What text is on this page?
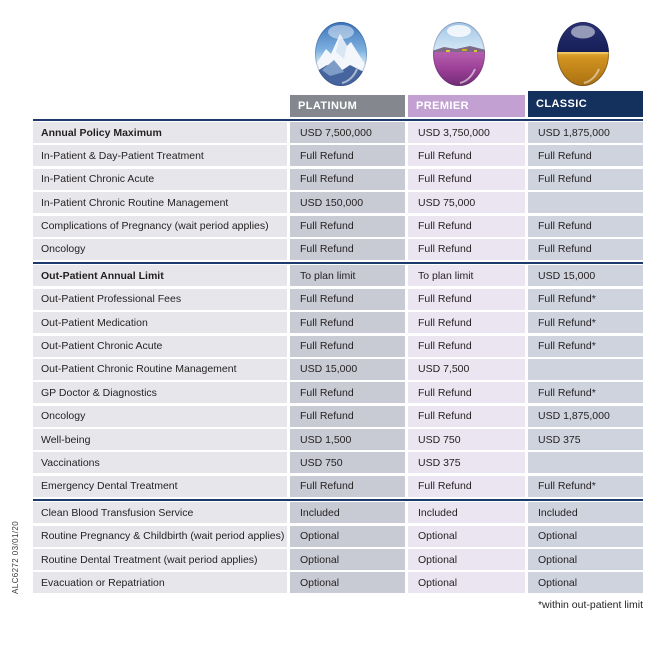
ALC6272 03/01/20
PLATINUM	PREMIER	CLASSIC
Annual Policy Maximum	USD 7,500,000	USD 3,750,000	USD 1,875,000
In-Patient & Day-Patient Treatment	Full Refund	Full Refund	Full Refund
In-Patient Chronic Acute	Full Refund	Full Refund	Full Refund
In-Patient Chronic Routine Management	USD 150,000	USD 75,000
Complications of Pregnancy (wait period applies)	Full Refund	Full Refund	Full Refund
Oncology	Full Refund	Full Refund	Full Refund
Out-Patient Annual Limit	To plan limit	To plan limit	USD 15,000
Out-Patient Professional Fees	Full Refund	Full Refund	Full Refund*
Out-Patient Medication	Full Refund	Full Refund	Full Refund*
Out-Patient Chronic Acute	Full Refund	Full Refund	Full Refund*
Out-Patient Chronic Routine Management	USD 15,000	USD 7,500
GP Doctor & Diagnostics	Full Refund	Full Refund	Full Refund*
Oncology	Full Refund	Full Refund	USD 1,875,000
Well-being	USD 1,500	USD 750	USD 375
Vaccinations	USD 750	USD 375
Emergency Dental Treatment	Full Refund	Full Refund	Full Refund*
Clean Blood Transfusion Service	Included	Included	Included
Routine Pregnancy & Childbirth (wait period applies)	Optional	Optional	Optional
Routine Dental Treatment (wait period applies)	Optional	Optional	Optional
Evacuation or Repatriation	Optional	Optional	Optional
*within out-patient limit
